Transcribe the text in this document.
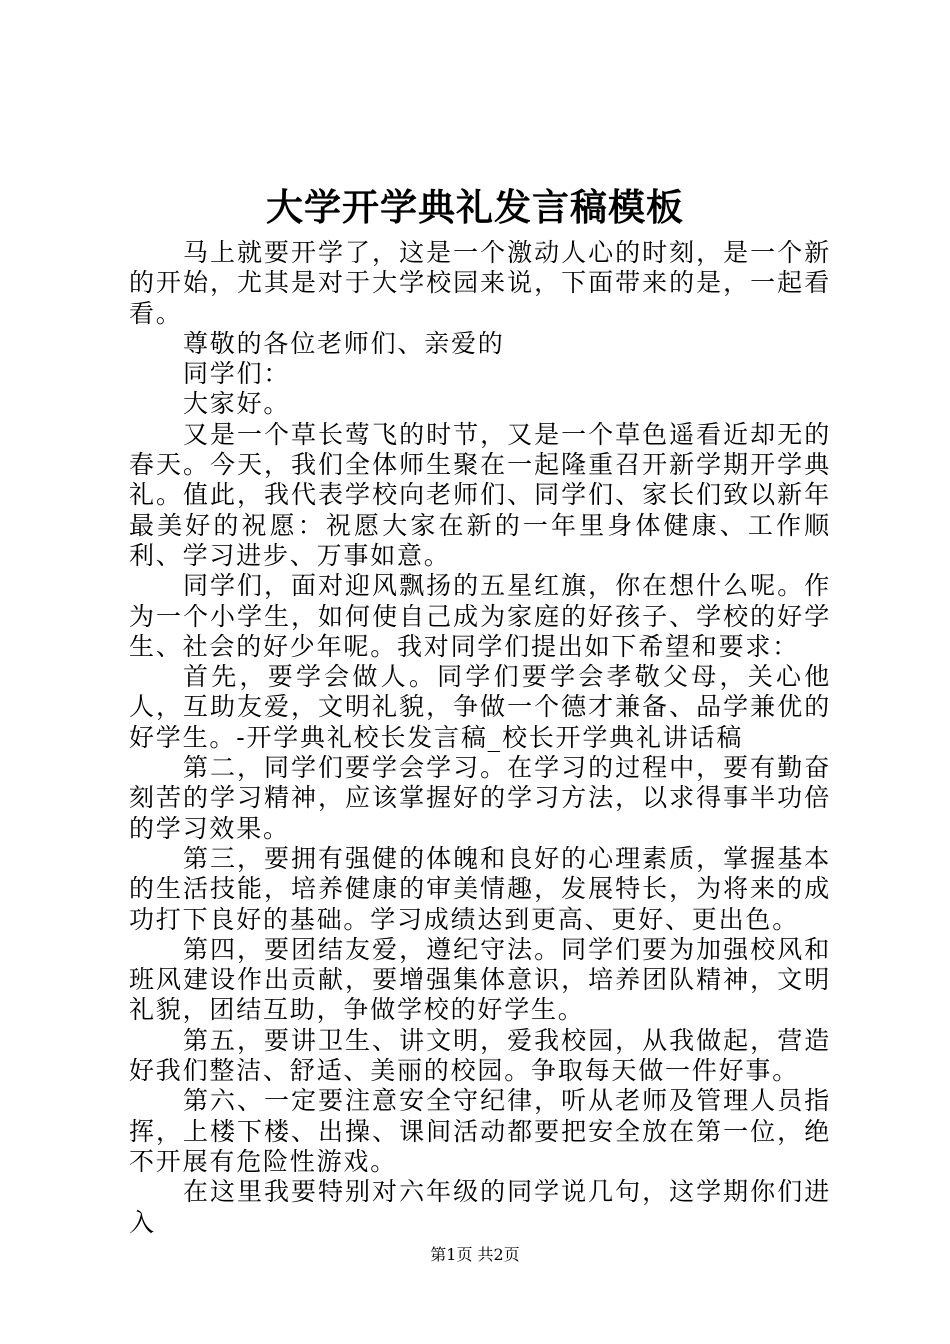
大学开学典礼发言稿模板

马上就要开学了，这是一个激动人心的时刻，是一个新的开始，尤其是对于大学校园来说，下面带来的是，一起看看。

尊敬的各位老师们、亲爱的

同学们：

大家好。

又是一个草长莺飞的时节，又是一个草色遥看近却无的春天。今天，我们全体师生聚在一起隆重召开新学期开学典礼。值此，我代表学校向老师们、同学们、家长们致以新年最美好的祝愿：祝愿大家在新的一年里身体健康、工作顺利、学习进步、万事如意。

同学们，面对迎风飘扬的五星红旗，你在想什么呢。作为一个小学生，如何使自己成为家庭的好孩子、学校的好学生、社会的好少年呢。我对同学们提出如下希望和要求：

首先，要学会做人。同学们要学会孝敬父母，关心他人，互助友爱，文明礼貌，争做一个德才兼备、品学兼优的好学生。-开学典礼校长发言稿_校长开学典礼讲话稿

第二，同学们要学会学习。在学习的过程中，要有勤奋刻苦的学习精神，应该掌握好的学习方法，以求得事半功倍的学习效果。

第三，要拥有强健的体魄和良好的心理素质，掌握基本的生活技能，培养健康的审美情趣，发展特长，为将来的成功打下良好的基础。学习成绩达到更高、更好、更出色。

第四，要团结友爱，遵纪守法。同学们要为加强校风和班风建设作出贡献，要增强集体意识，培养团队精神，文明礼貌，团结互助，争做学校的好学生。

第五，要讲卫生、讲文明，爱我校园，从我做起，营造好我们整洁、舒适、美丽的校园。争取每天做一件好事。

第六、一定要注意安全守纪律，听从老师及管理人员指挥，上楼下楼、出操、课间活动都要把安全放在第一位，绝不开展有危险性游戏。

在这里我要特别对六年级的同学说几句，这学期你们进入

第1页 共2页
